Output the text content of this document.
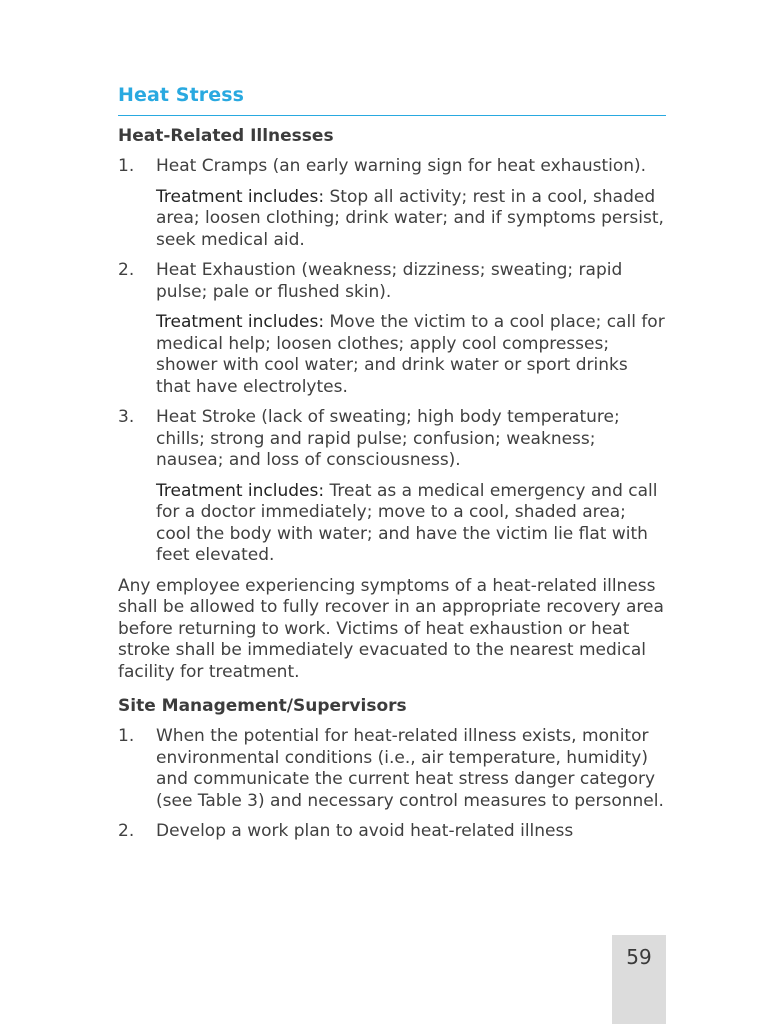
Heat Stress
Heat-Related Illnesses
1. Heat Cramps (an early warning sign for heat exhaustion).
Treatment includes: Stop all activity; rest in a cool, shaded area; loosen clothing; drink water; and if symptoms persist, seek medical aid.
2. Heat Exhaustion (weakness; dizziness; sweating; rapid pulse; pale or flushed skin).
Treatment includes: Move the victim to a cool place; call for medical help; loosen clothes; apply cool compresses; shower with cool water; and drink water or sport drinks that have electrolytes.
3. Heat Stroke (lack of sweating; high body temperature; chills; strong and rapid pulse; confusion; weakness; nausea; and loss of consciousness).
Treatment includes: Treat as a medical emergency and call for a doctor immediately; move to a cool, shaded area; cool the body with water; and have the victim lie flat with feet elevated.

Any employee experiencing symptoms of a heat-related illness shall be allowed to fully recover in an appropriate recovery area before returning to work. Victims of heat exhaustion or heat stroke shall be immediately evacuated to the nearest medical facility for treatment.

Site Management/Supervisors
1. When the potential for heat-related illness exists, monitor environmental conditions (i.e., air temperature, humidity) and communicate the current heat stress danger category (see Table 3) and necessary control measures to personnel.
2. Develop a work plan to avoid heat-related illness
59
